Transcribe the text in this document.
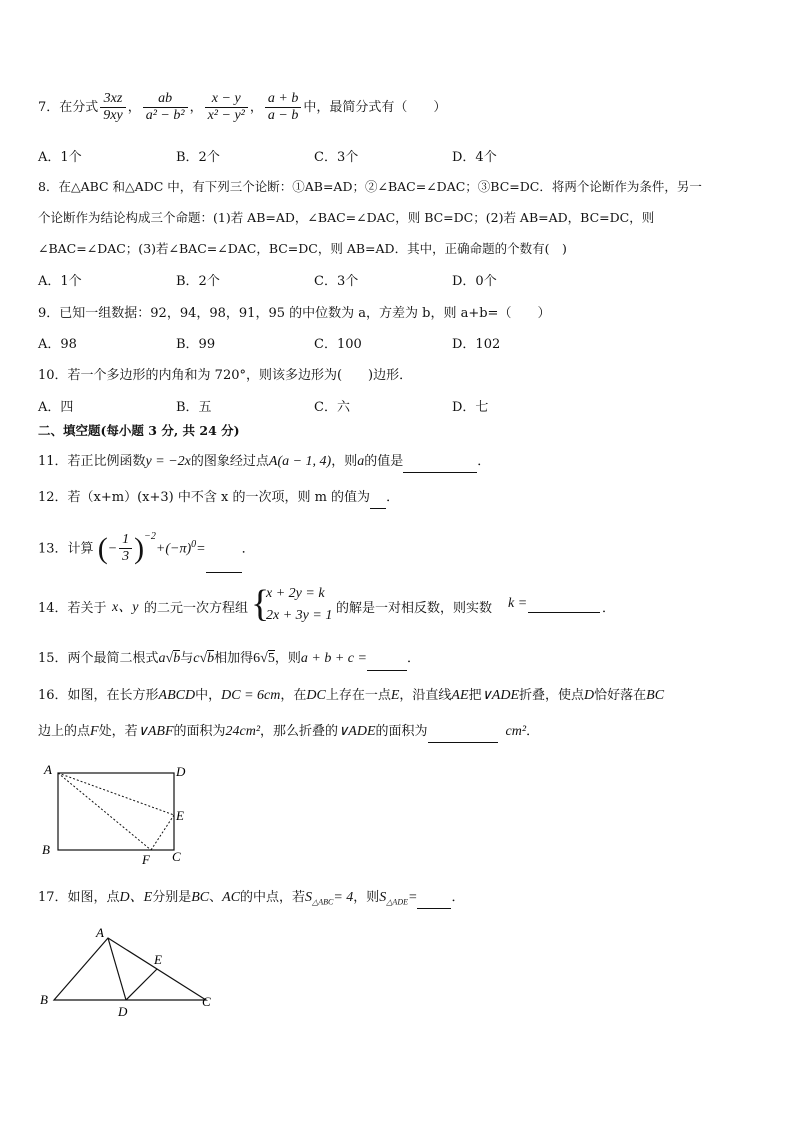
7．在分式 $\frac{3xz}{9xy}$ ， $\frac{ab}{\text{a² − b²}}$ ， $\frac{x - y}{\text{x² − y²}}$ ， $\frac{a + b}{a - b}$ 中，最简分式有（　　）
A．1个	B．2个	C．3个	D．4个
8．在△ABC 和△ADC 中，有下列三个论断：①AB=AD；②∠BAC=∠DAC；③BC=DC．将两个论断作为条件，另一
个论断作为结论构成三个命题：(1)若 AB=AD，∠BAC=∠DAC，则 BC=DC；(2)若 AB=AD，BC=DC，则
∠BAC=∠DAC；(3)若∠BAC=∠DAC，BC=DC，则 AB=AD．其中，正确命题的个数有(　)
A．1个	B．2个	C．3个	D．0个
9．已知一组数据：92，94，98，91，95 的中位数为 a，方差为 b，则 a+b=（　　）
A．98	B．99	C．100	D．102
10．若一个多边形的内角和为 720°，则该多边形为(　　)边形．
A．四	B．五	C．六	D．七
二、填空题(每小题 3 分, 共 24 分)
11．若正比例函数y = −2x的图象经过点A(a − 1, 4)，则a的值是	．
12．若（x+m）(x+3) 中不含 x 的一次项，则 m 的值为 ．
13．计算 (− $\frac{1}{3} )^{-2}+(-\pi)^0=$	．
14．若关于 x、y 的二元一次方程组 {
x + 2y = k
2x + 3y = 1 的解是一对相反数，则实数 k =
	．
15．两个最简二根式a√b与c√b相加得6√5，则a + b + c =	．
16．如图，在长方形ABCD中，DC = 6cm，在DC上存在一点E，沿直线AE把∨ADE折叠，使点D恰好落在BC
边上的点F处，若∨ABF的面积为24cm²，那么折叠的∨ADE的面积为	cm²．
A	D
E
B	C
F
17．如图，点D、E分别是BC、AC的中点，若$S_{\triangle ABC}= 4$，则$S_{\triangle ADE}=$	．
A
E
B
D
C
